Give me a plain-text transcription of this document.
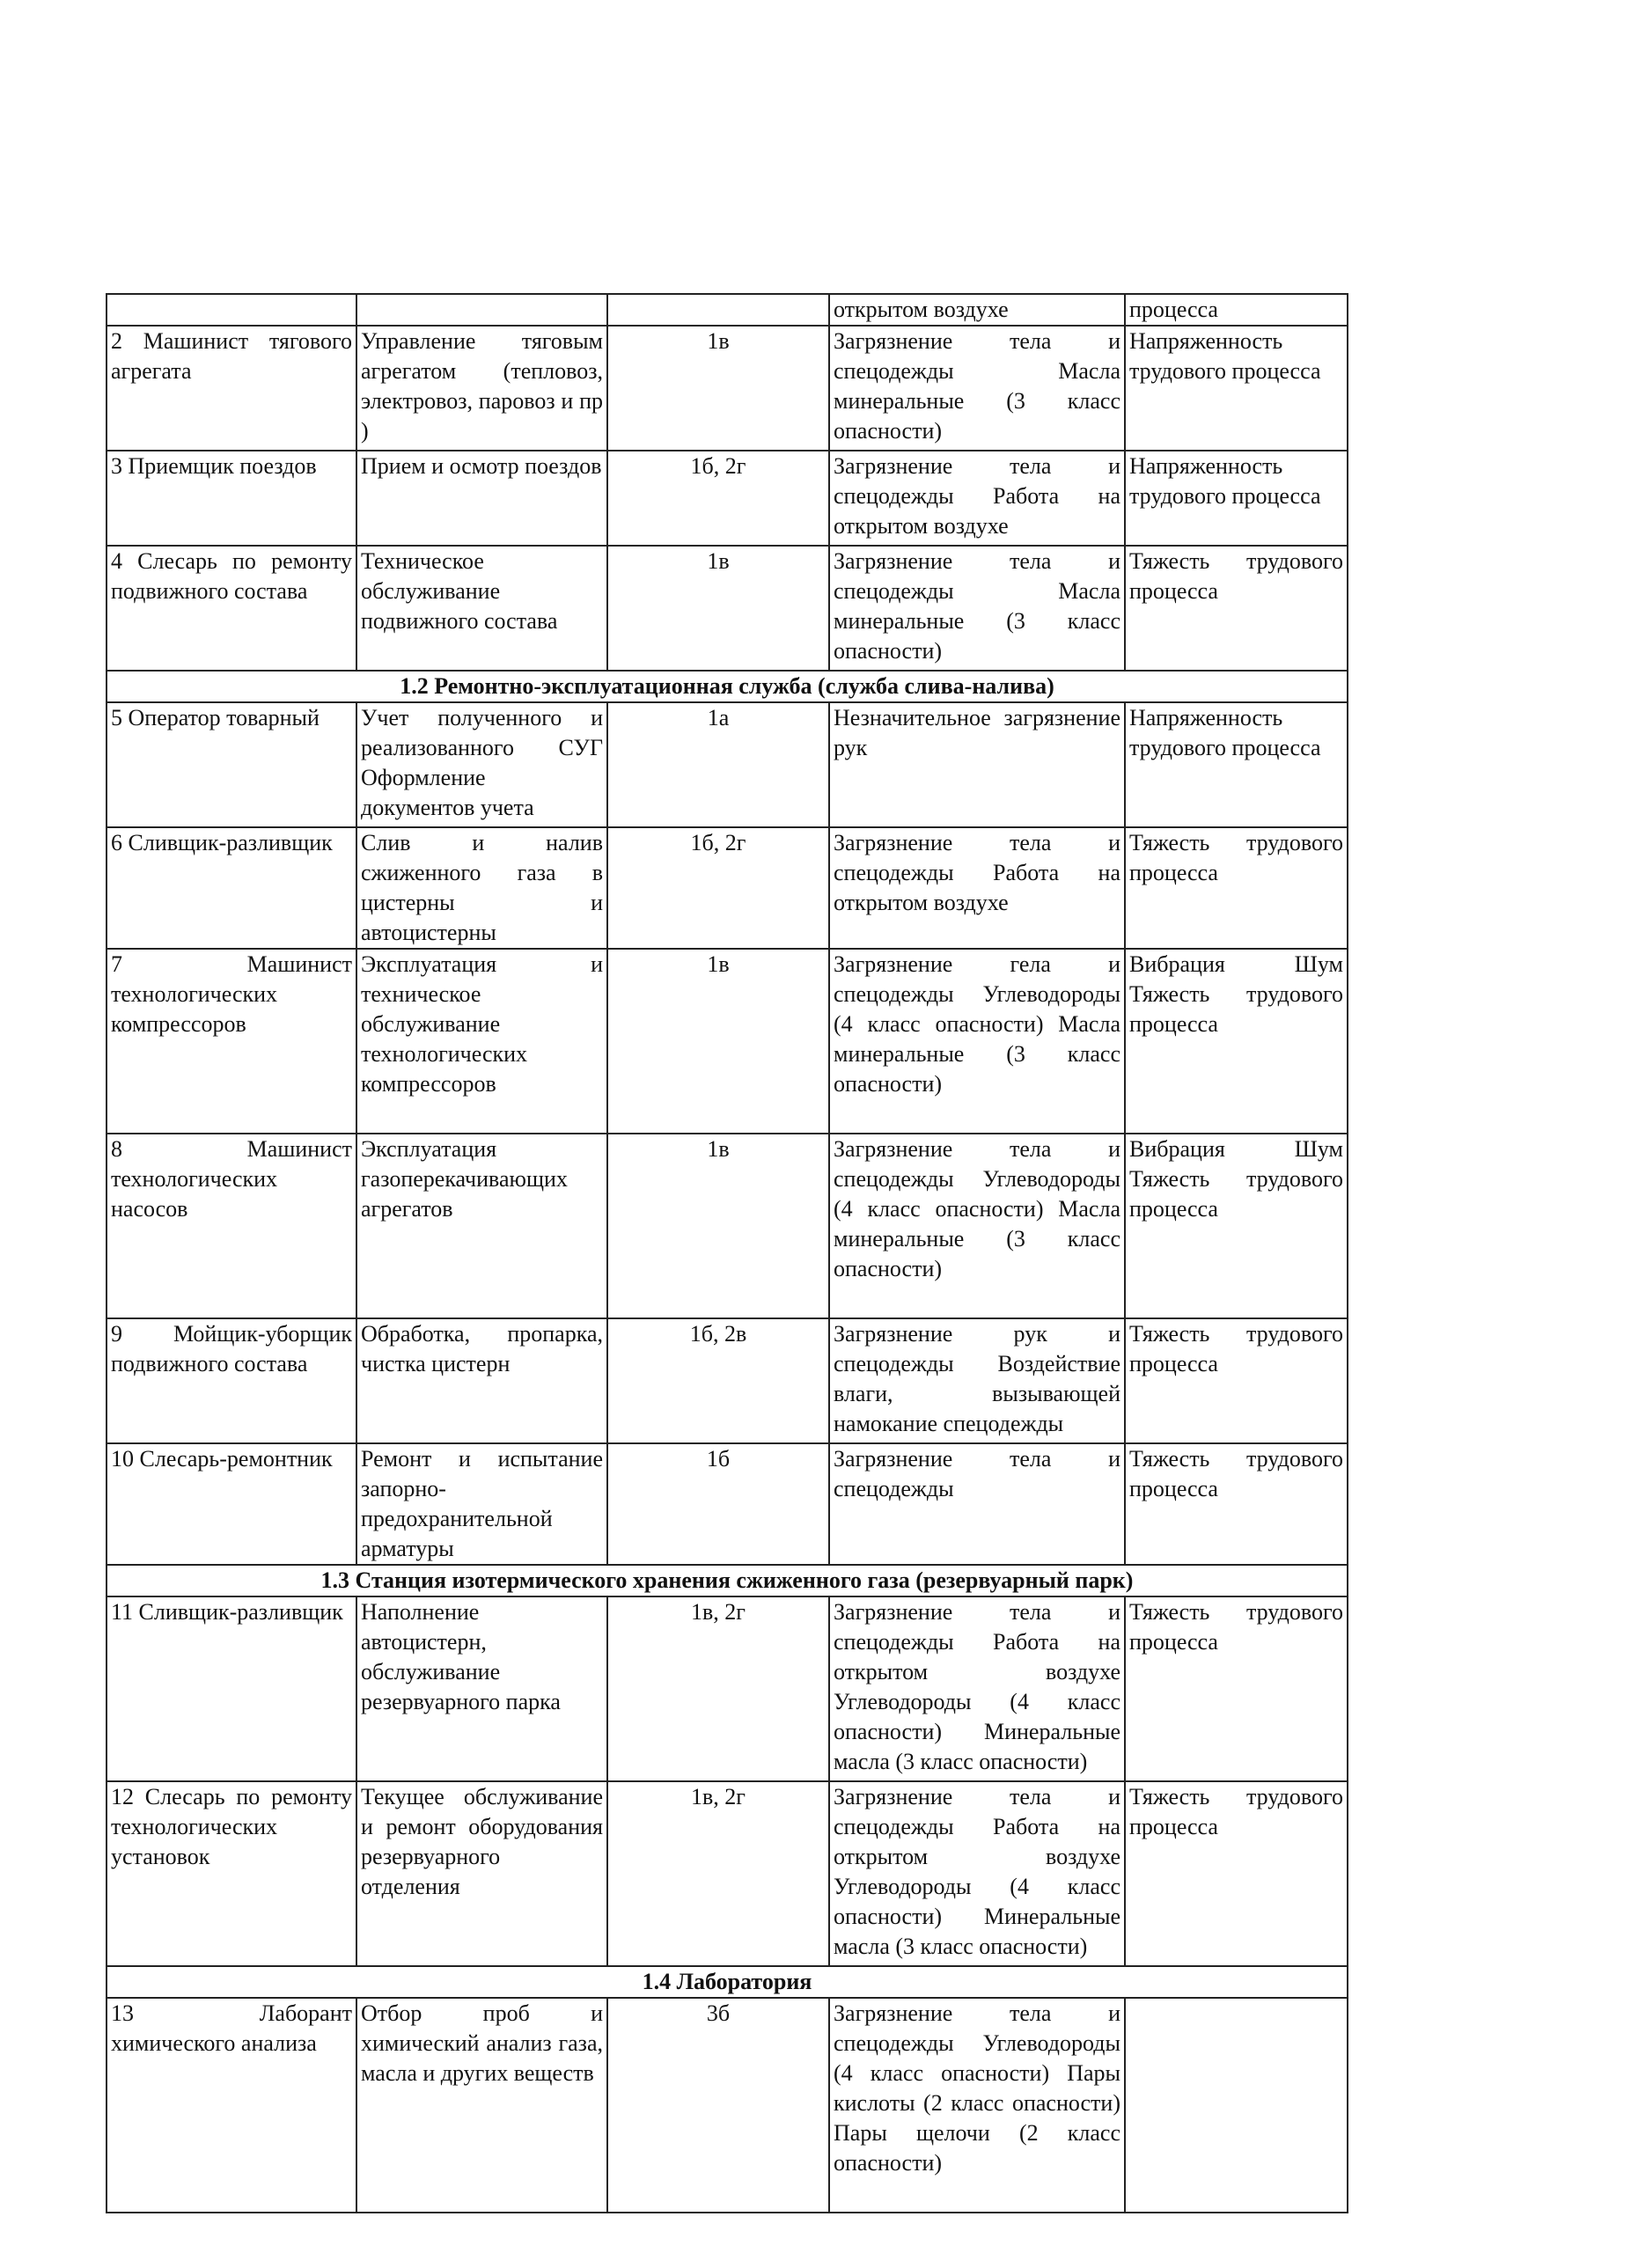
			открытом воздухе	процесса
2 Машинист тягового агрегата	Управление тяговым агрегатом (тепловоз, электровоз, паровоз и пр )	1в	Загрязнение тела и спецодежды Масла минеральные (3 класс опасности)	Напряженность трудового процесса
3 Приемщик поездов	Прием и осмотр поездов	1б, 2г	Загрязнение тела и спецодежды Работа на открытом воздухе	Напряженность трудового процесса
4 Слесарь по ремонту подвижного состава	Техническое обслуживание подвижного состава	1в	Загрязнение тела и спецодежды Масла минеральные (3 класс опасности)	Тяжесть трудового процесса
1.2 Ремонтно-эксплуатационная служба (служба слива-налива)				
5 Оператор товарный	Учет полученного и реализованного СУГ Оформление документов учета	1а	Незначительное загрязнение рук	Напряженность трудового процесса
6 Сливщик-разливщик	Слив и налив сжиженного газа в цистерны и автоцистерны	1б, 2г	Загрязнение тела и спецодежды Работа на открытом воздухе	Тяжесть трудового процесса
7 Машинист технологических компрессоров	Эксплуатация и техническое обслуживание технологических компрессоров	1в	Загрязнение гела и спецодежды Углеводороды (4 класс опасности) Масла минеральные (3 класс опасности)	Вибрация Шум Тяжесть трудового процесса
8 Машинист технологических насосов	Эксплуатация газоперекачивающих агрегатов	1в	Загрязнение тела и спецодежды Углеводороды (4 класс опасности) Масла минеральные (3 класс опасности)	Вибрация Шум Тяжесть трудового процесса
9 Мойщик-уборщик подвижного состава	Обработка, пропарка, чистка цистерн	1б, 2в	Загрязнение рук и спецодежды Воздействие влаги, вызывающей намокание спецодежды	Тяжесть трудового процесса
10 Слесарь-ремонтник	Ремонт и испытание запорно-предохранительной арматуры	1б	Загрязнение тела и спецодежды	Тяжесть трудового процесса
1.3 Станция изотермического хранения сжиженного газа (резервуарный парк)				
11 Сливщик-разливщик	Наполнение автоцистерн, обслуживание резервуарного парка	1в, 2г	Загрязнение тела и спецодежды Работа на открытом воздухе Углеводороды (4 класс опасности) Минеральные масла (3 класс опасности)	Тяжесть трудового процесса
12 Слесарь по ремонту технологических установок	Текущее обслуживание и ремонт оборудования резервуарного отделения	1в, 2г	Загрязнение тела и спецодежды Работа на открытом воздухе Углеводороды (4 класс опасности) Минеральные масла (3 класс опасности)	Тяжесть трудового процесса
1.4 Лаборатория				
13 Лаборант химического анализа	Отбор проб и химический анализ газа, масла и других веществ	3б	Загрязнение тела и спецодежды Углеводороды (4 класс опасности) Пары кислоты (2 класс опасности) Пары щелочи (2 класс опасности)	
